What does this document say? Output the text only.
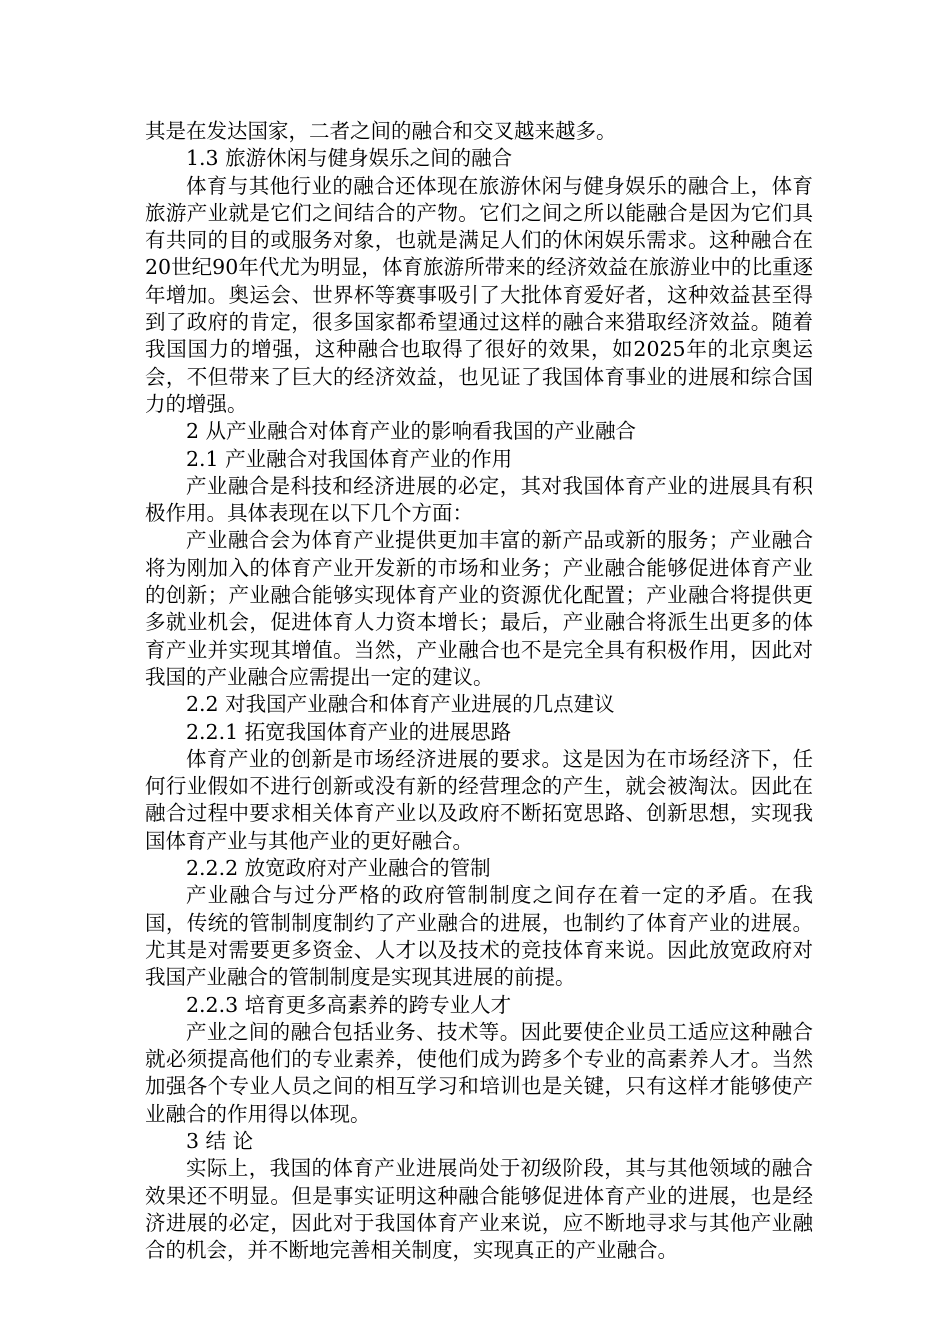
其是在发达国家，二者之间的融合和交叉越来越多。

1.3 旅游休闲与健身娱乐之间的融合

体育与其他行业的融合还体现在旅游休闲与健身娱乐的融合上，体育旅游产业就是它们之间结合的产物。它们之间之所以能融合是因为它们具有共同的目的或服务对象，也就是满足人们的休闲娱乐需求。这种融合在20世纪90年代尤为明显，体育旅游所带来的经济效益在旅游业中的比重逐年增加。奥运会、世界杯等赛事吸引了大批体育爱好者，这种效益甚至得到了政府的肯定，很多国家都希望通过这样的融合来猎取经济效益。随着我国国力的增强，这种融合也取得了很好的效果，如2025年的北京奥运会，不但带来了巨大的经济效益，也见证了我国体育事业的进展和综合国力的增强。

2 从产业融合对体育产业的影响看我国的产业融合

2.1 产业融合对我国体育产业的作用

产业融合是科技和经济进展的必定，其对我国体育产业的进展具有积极作用。具体表现在以下几个方面：

产业融合会为体育产业提供更加丰富的新产品或新的服务；产业融合将为刚加入的体育产业开发新的市场和业务；产业融合能够促进体育产业的创新；产业融合能够实现体育产业的资源优化配置；产业融合将提供更多就业机会，促进体育人力资本增长；最后，产业融合将派生出更多的体育产业并实现其增值。当然，产业融合也不是完全具有积极作用，因此对我国的产业融合应需提出一定的建议。

2.2 对我国产业融合和体育产业进展的几点建议

2.2.1 拓宽我国体育产业的进展思路

体育产业的创新是市场经济进展的要求。这是因为在市场经济下，任何行业假如不进行创新或没有新的经营理念的产生，就会被淘汰。因此在融合过程中要求相关体育产业以及政府不断拓宽思路、创新思想，实现我国体育产业与其他产业的更好融合。

2.2.2 放宽政府对产业融合的管制

产业融合与过分严格的政府管制制度之间存在着一定的矛盾。在我国，传统的管制制度制约了产业融合的进展，也制约了体育产业的进展。尤其是对需要更多资金、人才以及技术的竞技体育来说。因此放宽政府对我国产业融合的管制制度是实现其进展的前提。

2.2.3 培育更多高素养的跨专业人才

产业之间的融合包括业务、技术等。因此要使企业员工适应这种融合就必须提高他们的专业素养，使他们成为跨多个专业的高素养人才。当然加强各个专业人员之间的相互学习和培训也是关键，只有这样才能够使产业融合的作用得以体现。

3 结 论

实际上，我国的体育产业进展尚处于初级阶段，其与其他领域的融合效果还不明显。但是事实证明这种融合能够促进体育产业的进展，也是经济进展的必定，因此对于我国体育产业来说，应不断地寻求与其他产业融合的机会，并不断地完善相关制度，实现真正的产业融合。
